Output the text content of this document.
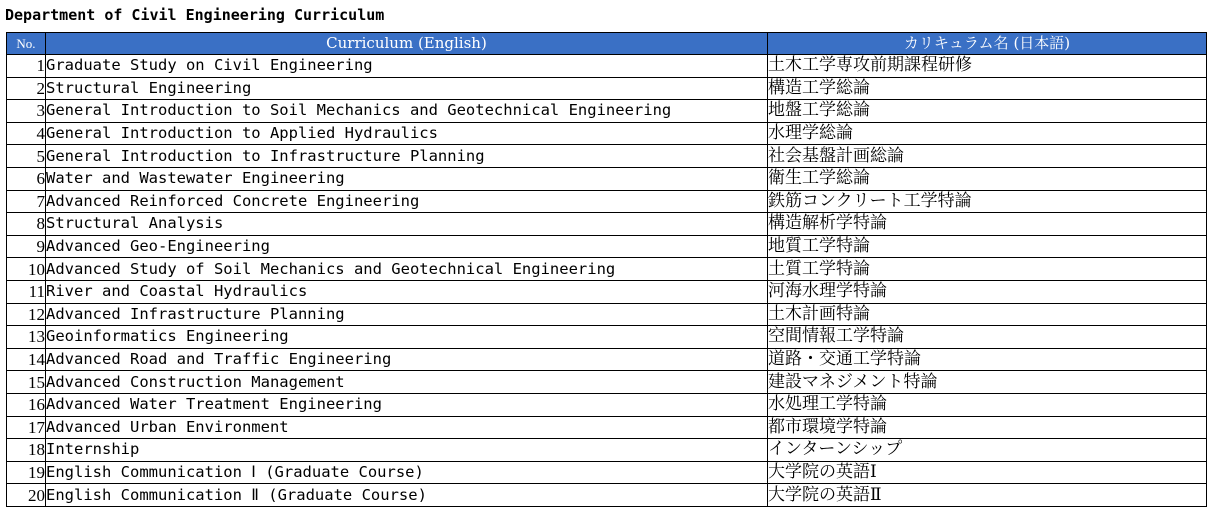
Department of Civil Engineering Curriculum
No.	Curriculum (English)	カリキュラム名 (日本語)
1	Graduate Study on Civil Engineering	土木工学専攻前期課程研修
2	Structural Engineering	構造工学総論
3	General Introduction to Soil Mechanics and Geotechnical Engineering	地盤工学総論
4	General Introduction to Applied Hydraulics	水理学総論
5	General Introduction to Infrastructure Planning	社会基盤計画総論
6	Water and Wastewater Engineering	衛生工学総論
7	Advanced Reinforced Concrete Engineering	鉄筋コンクリート工学特論
8	Structural Analysis	構造解析学特論
9	Advanced Geo-Engineering	地質工学特論
10	Advanced Study of Soil Mechanics and Geotechnical Engineering	土質工学特論
11	River and Coastal Hydraulics	河海水理学特論
12	Advanced Infrastructure Planning	土木計画特論
13	Geoinformatics Engineering	空間情報工学特論
14	Advanced Road and Traffic Engineering	道路・交通工学特論
15	Advanced Construction Management	建設マネジメント特論
16	Advanced Water Treatment Engineering	水処理工学特論
17	Advanced Urban Environment	都市環境学特論
18	Internship	インターンシップ
19	English Communication Ⅰ (Graduate Course)	大学院の英語Ⅰ
20	English Communication Ⅱ (Graduate Course)	大学院の英語Ⅱ
